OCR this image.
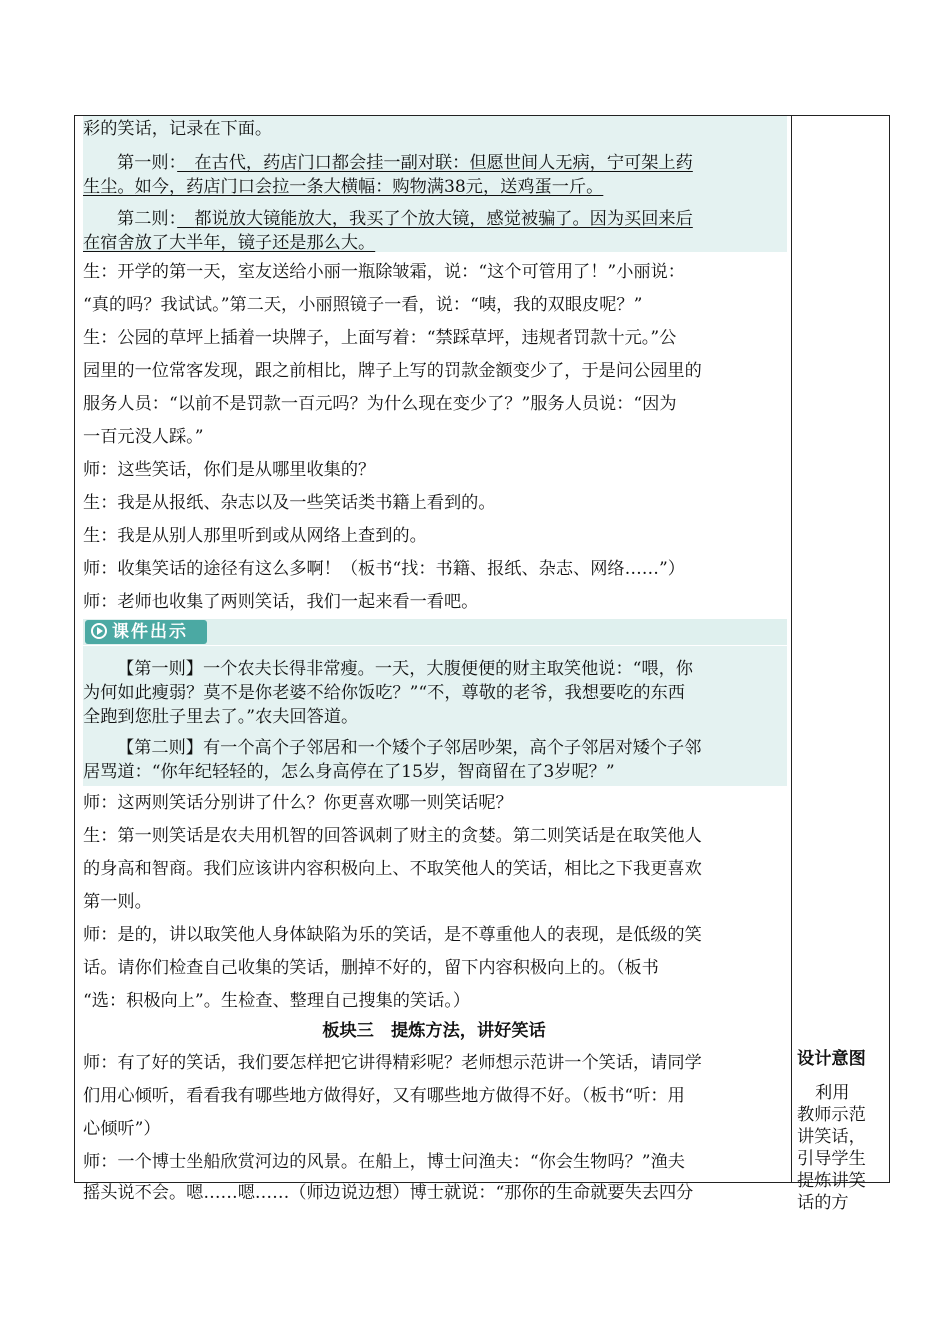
彩的笑话，记录在下面。
第一则：　 在古代，药店门口都会挂一副对联：但愿世间人无病，宁可架上药
生尘。如今，药店门口会拉一条大横幅：购物满38元，送鸡蛋一斤。
第二则：　 都说放大镜能放大，我买了个放大镜，感觉被骗了。因为买回来后
在宿舍放了大半年，镜子还是那么大。
生：开学的第一天，室友送给小丽一瓶除皱霜，说：“这个可管用了！”小丽说：
“真的吗？我试试。”第二天，小丽照镜子一看，说：“咦，我的双眼皮呢？”
生：公园的草坪上插着一块牌子，上面写着：“禁踩草坪，违规者罚款十元。”公
园里的一位常客发现，跟之前相比，牌子上写的罚款金额变少了，于是问公园里的
服务人员：“以前不是罚款一百元吗？为什么现在变少了？”服务人员说：“因为
一百元没人踩。”
师：这些笑话，你们是从哪里收集的？
生：我是从报纸、杂志以及一些笑话类书籍上看到的。
生：我是从别人那里听到或从网络上查到的。
师：收集笑话的途径有这么多啊！（板书“找：书籍、报纸、杂志、网络……”）
师：老师也收集了两则笑话，我们一起来看一看吧。
课件出示
【第一则】一个农夫长得非常瘦。一天，大腹便便的财主取笑他说：“喂，你
为何如此瘦弱？莫不是你老婆不给你饭吃？”“不，尊敬的老爷，我想要吃的东西
全跑到您肚子里去了。”农夫回答道。
【第二则】有一个高个子邻居和一个矮个子邻居吵架，高个子邻居对矮个子邻
居骂道：“你年纪轻轻的，怎么身高停在了15岁，智商留在了3岁呢？”
师：这两则笑话分别讲了什么？你更喜欢哪一则笑话呢？
生：第一则笑话是农夫用机智的回答讽刺了财主的贪婪。第二则笑话是在取笑他人
的身高和智商。我们应该讲内容积极向上、不取笑他人的笑话，相比之下我更喜欢
第一则。
师：是的，讲以取笑他人身体缺陷为乐的笑话，是不尊重他人的表现，是低级的笑
话。请你们检查自己收集的笑话，删掉不好的，留下内容积极向上的。（板书
“选：积极向上”。生检查、整理自己搜集的笑话。）
板块三　提炼方法，讲好笑话
师：有了好的笑话，我们要怎样把它讲得精彩呢？老师想示范讲一个笑话，请同学
们用心倾听，看看我有哪些地方做得好，又有哪些地方做得不好。（板书“听：用
心倾听”）
师：一个博士坐船欣赏河边的风景。在船上，博士问渔夫：“你会生物吗？”渔夫
摇头说不会。嗯……嗯……（师边说边想）博士就说：“那你的生命就要失去四分
设计意图
利用
教师示范
讲笑话，
引导学生
提炼讲笑
话的方
